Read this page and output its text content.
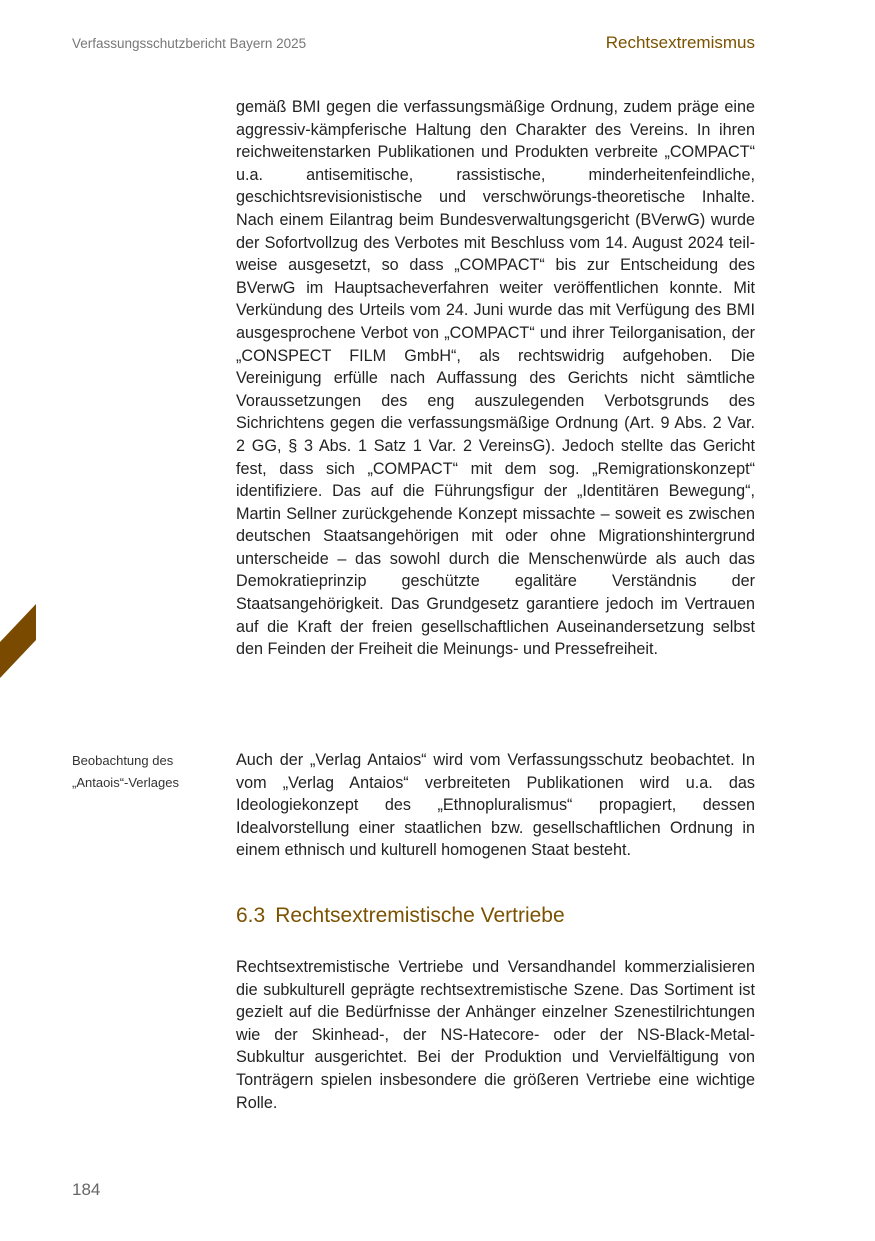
Verfassungsschutzbericht Bayern 2025	Rechtsextremismus

gemäß BMI gegen die verfassungsmäßige Ordnung, zudem präge eine aggressiv-kämpferische Haltung den Charakter des Vereins. In ihren reichweitenstarken Publikationen und Produkten verbreite „COMPACT“ u.a. antisemitische, rassistische, minderheitenfeindliche, geschichtsrevisionistische und verschwörungs-theoretische Inhalte. Nach einem Eilantrag beim Bundesverwaltungsgericht (BVerwG) wurde der Sofortvollzug des Verbotes mit Beschluss vom 14. August 2024 teilweise ausgesetzt, so dass „COMPACT“ bis zur Entscheidung des BVerwG im Hauptsacheverfahren weiter veröffentlichen konnte. Mit Verkündung des Urteils vom 24. Juni wurde das mit Verfügung des BMI ausgesprochene Verbot von „COMPACT“ und ihrer Teilorganisation, der „CONSPECT FILM GmbH“, als rechtswidrig aufgehoben. Die Vereinigung erfülle nach Auffassung des Gerichts nicht sämtliche Voraussetzungen des eng auszulegenden Verbotsgrunds des Sichrichtens gegen die verfassungsmäßige Ordnung (Art. 9 Abs. 2 Var. 2 GG, § 3 Abs. 1 Satz 1 Var. 2 VereinsG). Jedoch stellte das Gericht fest, dass sich „COMPACT“ mit dem sog. „Remigrationskonzept“ identifiziere. Das auf die Führungsfigur der „Identitären Bewegung“, Martin Sellner zurückgehende Konzept missachte – soweit es zwischen deutschen Staatsangehörigen mit oder ohne Migrationshintergrund unterscheide – das sowohl durch die Menschenwürde als auch das Demokratieprinzip geschützte egalitäre Verständnis der Staatsangehörigkeit. Das Grundgesetz garantiere jedoch im Vertrauen auf die Kraft der freien gesellschaftlichen Auseinandersetzung selbst den Feinden der Freiheit die Meinungs- und Pressefreiheit.

Beobachtung des „Antaois“-Verlages

Auch der „Verlag Antaios“ wird vom Verfassungsschutz beobachtet. In vom „Verlag Antaios“ verbreiteten Publikationen wird u.a. das Ideologiekonzept des „Ethnopluralismus“ propagiert, dessen Idealvorstellung einer staatlichen bzw. gesellschaftlichen Ordnung in einem ethnisch und kulturell homogenen Staat besteht.

6.3 Rechtsextremistische Vertriebe

Rechtsextremistische Vertriebe und Versandhandel kommerzialisieren die subkulturell geprägte rechtsextremistische Szene. Das Sortiment ist gezielt auf die Bedürfnisse der Anhänger einzelner Szenestilrichtungen wie der Skinhead-, der NS-Hatecore- oder der NS-Black-Metal-Subkultur ausgerichtet. Bei der Produktion und Vervielfältigung von Tonträgern spielen insbesondere die größeren Vertriebe eine wichtige Rolle.

184
